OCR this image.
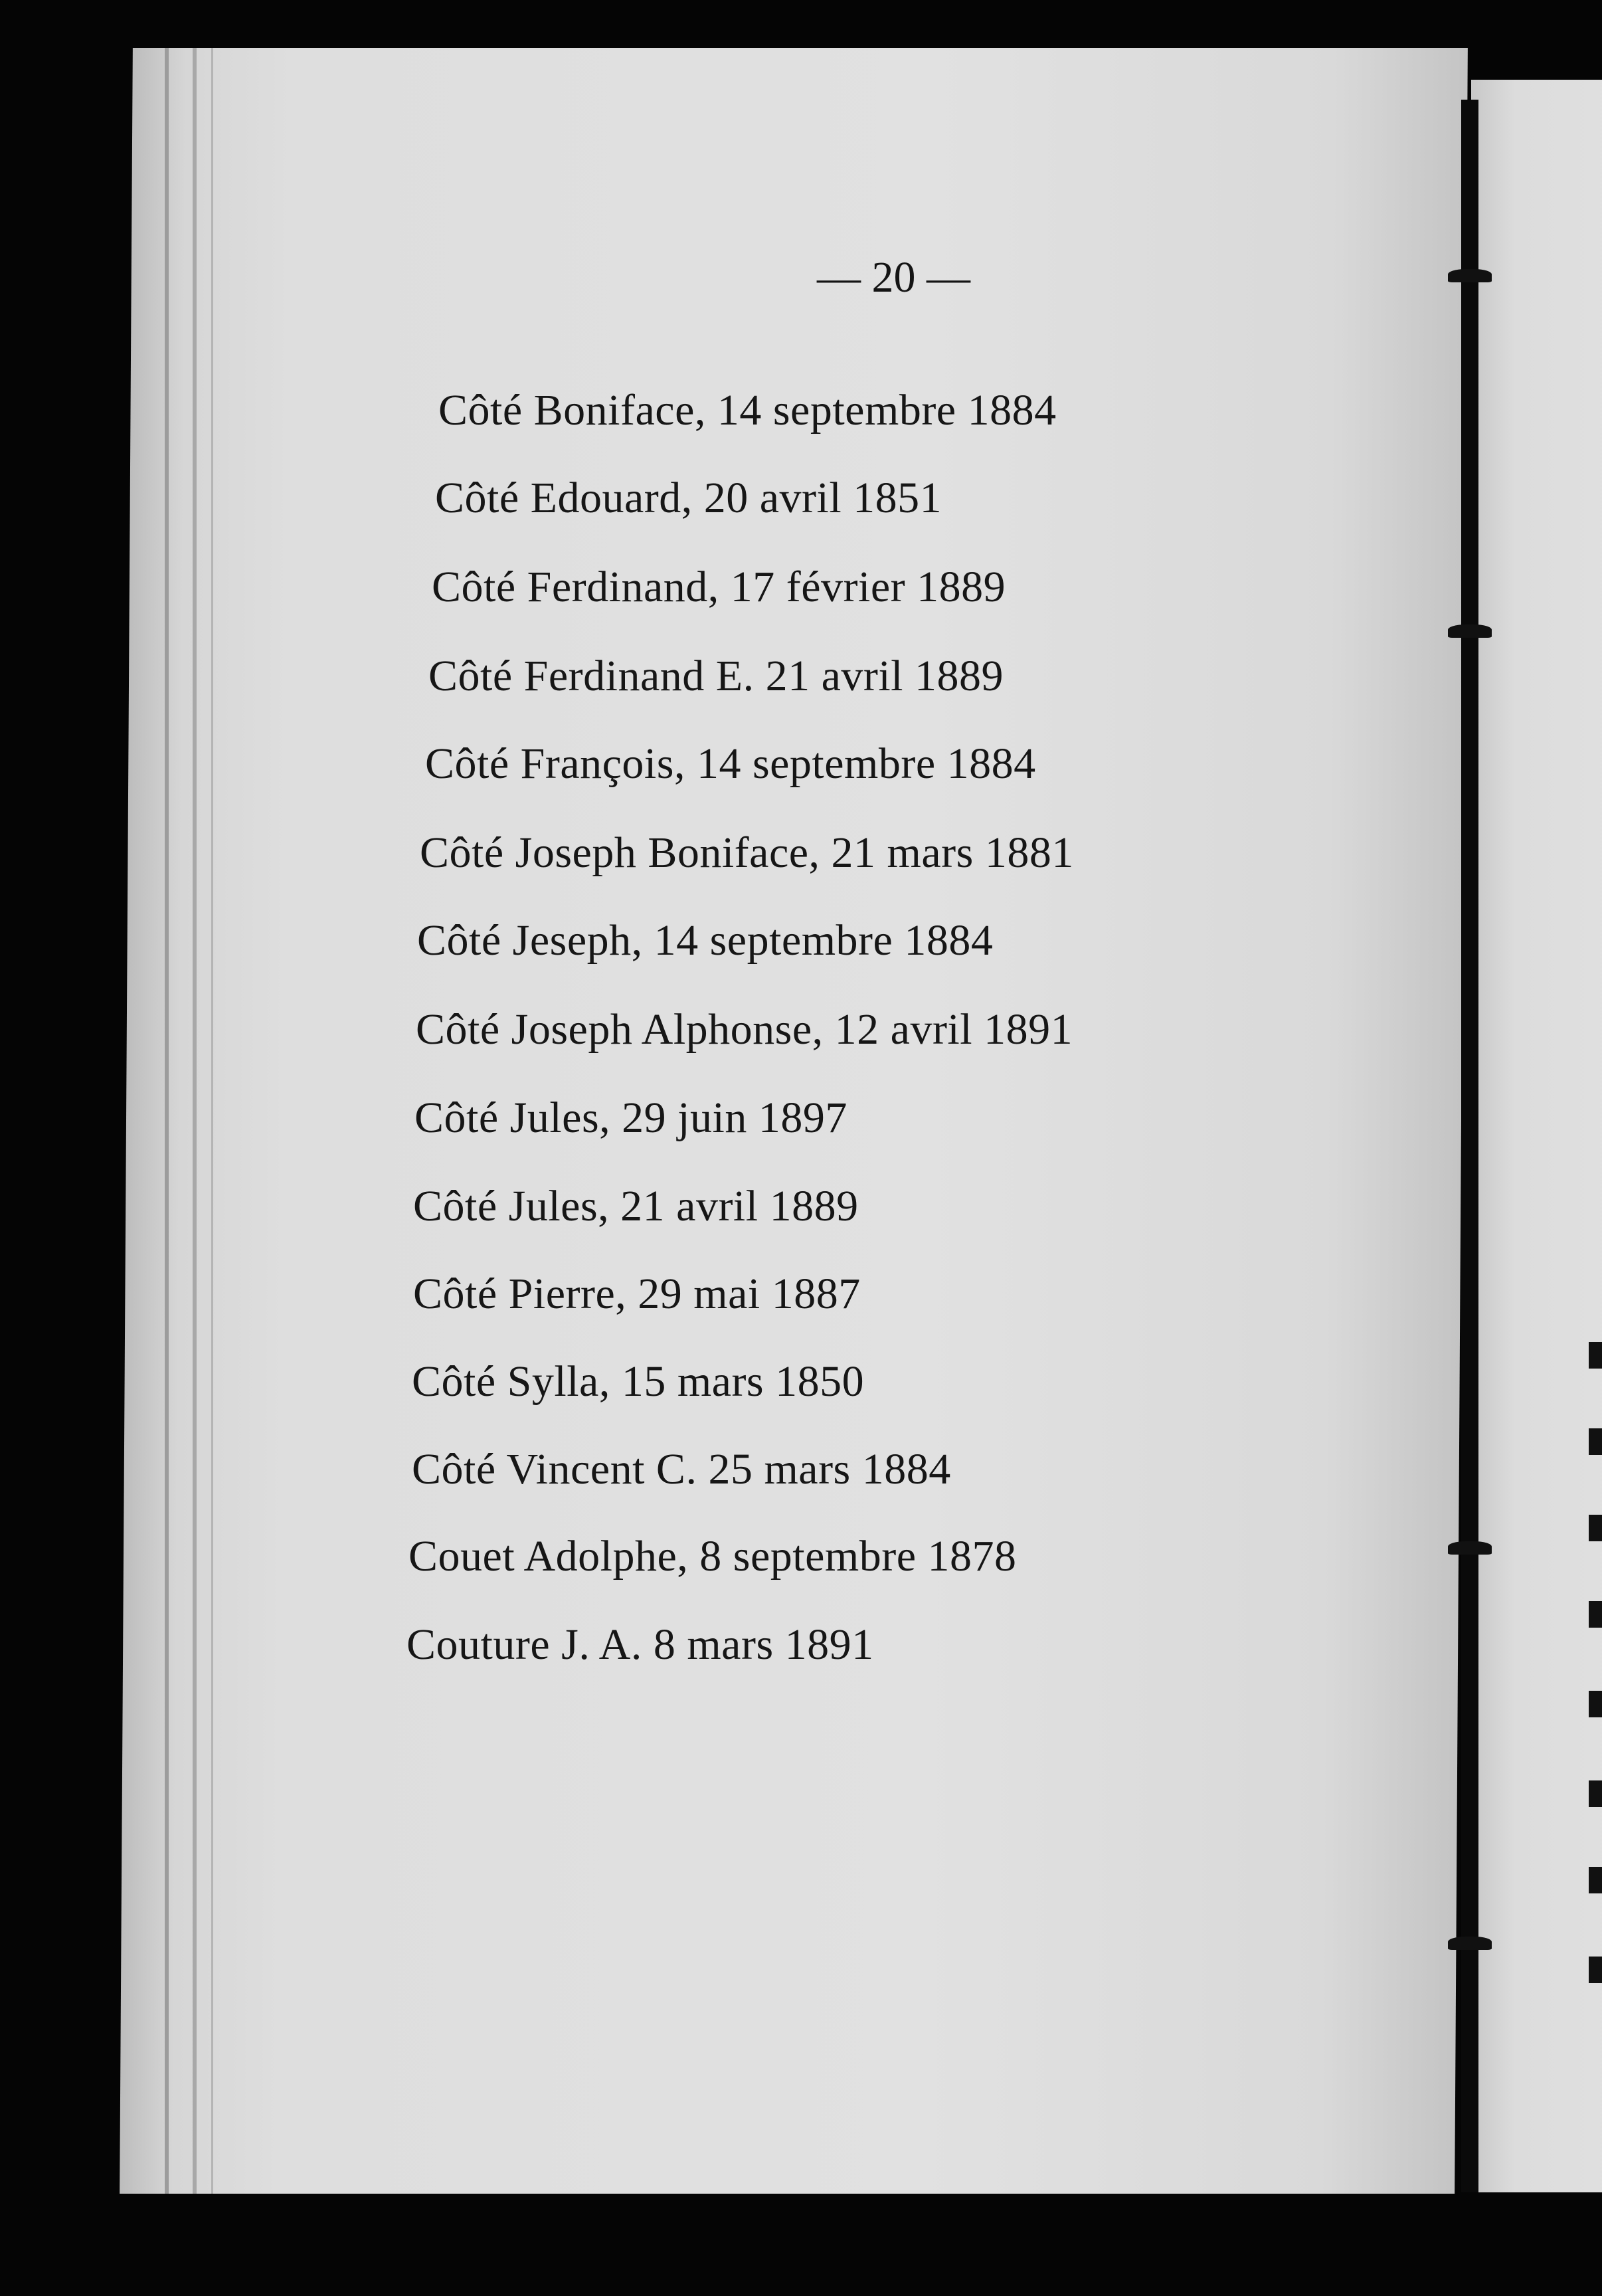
— 20 —
Côté Boniface, 14 septembre 1884
Côté Edouard, 20 avril 1851
Côté Ferdinand, 17 février 1889
Côté Ferdinand E. 21 avril 1889
Côté François, 14 septembre 1884
Côté Joseph Boniface, 21 mars 1881
Côté Jeseph, 14 septembre 1884
Côté Joseph Alphonse, 12 avril 1891
Côté Jules, 29 juin 1897
Côté Jules, 21 avril 1889
Côté Pierre, 29 mai 1887
Côté Sylla, 15 mars 1850
Côté Vincent C. 25 mars 1884
Couet Adolphe, 8 septembre 1878
Couture J. A. 8 mars 1891
